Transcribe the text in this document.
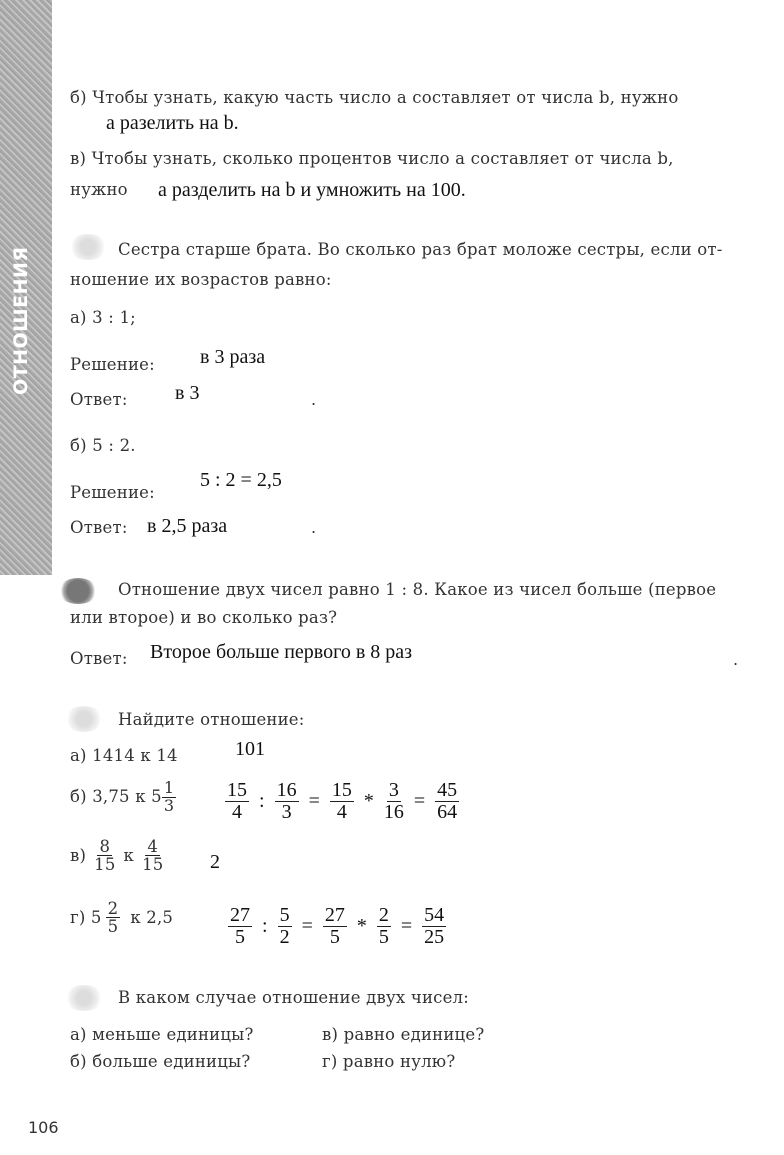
ОТНОШЕНИЯ
б) Чтобы узнать, какую часть число a составляет от числа b, нужно
а разелить на b.
в) Чтобы узнать, сколько процентов число a составляет от числа b,
нужно а разделить на b и умножить на 100.
Сестра старше брата. Во сколько раз брат моложе сестры, если от-
ношение их возрастов равно:
а) 3 : 1;
Решение: в 3 раза
Ответ: в 3	.
б) 5 : 2.
Решение:
5 : 2 = 2,5
Ответ: в 2,5 раза	.
Отношение двух чисел равно 1 : 8. Какое из чисел больше (первое
или второе) и во сколько раз?
Ответ: Второе больше первого в 8 раз	.
Найдите отношение:
а) 1414 к 14	101
б) 3,75 к $5 \frac{1}{3} \frac{15}{4}$ : $\frac{16}{3} = \frac{15}{4} * \frac{3}{16} = \frac{45}{64}$
$в) \frac{8}{15}$ к $\frac{4}{15} 2$
г) $5 \frac{2}{5}$ к 2,5	$\frac{27}{5}$ : $\frac{5}{2} = \frac{27}{5} * \frac{2}{5} = \frac{54}{25}$
В каком случае отношение двух чисел:
а) меньше единицы?	в) равно единице?
б) больше единицы?	г) равно нулю?
106
